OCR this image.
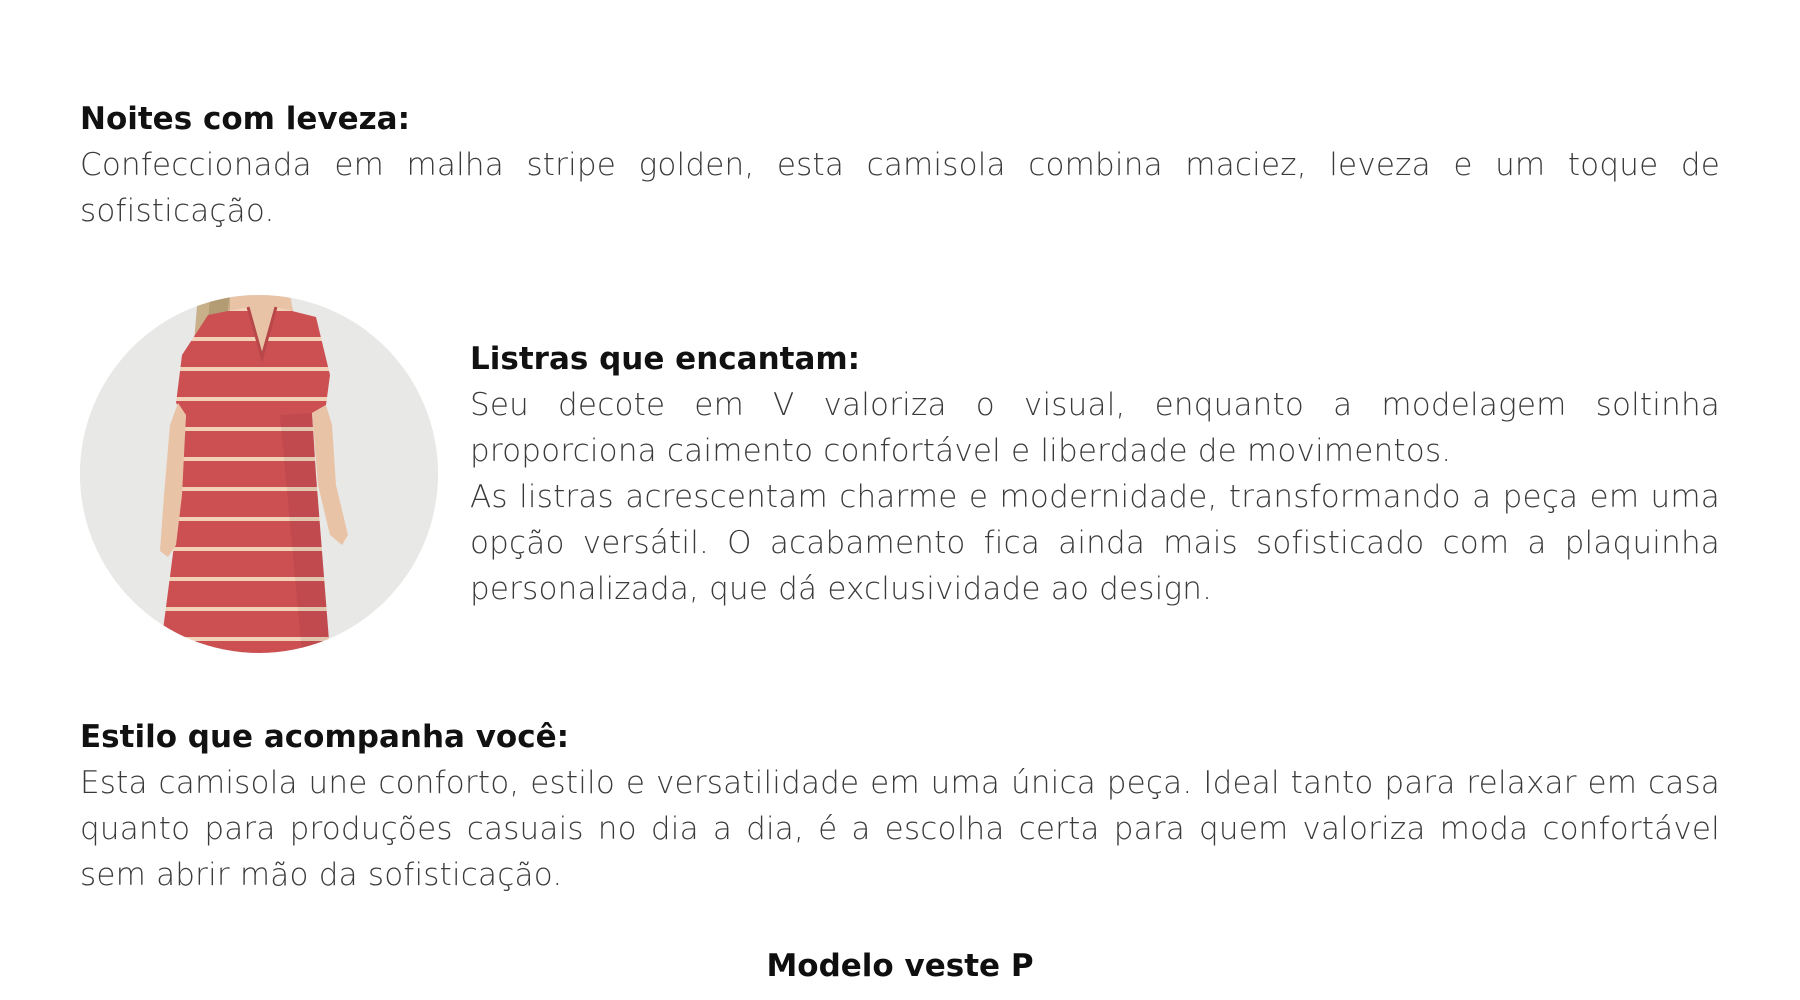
Noites com leveza:

Confeccionada em malha stripe golden, esta camisola combina maciez, leveza e um toque de sofisticação.

Listras que encantam:

Seu decote em V valoriza o visual, enquanto a modelagem soltinha proporciona caimento confortável e liberdade de movimentos.

As listras acrescentam charme e modernidade, transformando a peça em uma opção versátil. O acabamento fica ainda mais sofisticado com a plaquinha personalizada, que dá exclusividade ao design.

Estilo que acompanha você:

Esta camisola une conforto, estilo e versatilidade em uma única peça. Ideal tanto para relaxar em casa quanto para produções casuais no dia a dia, é a escolha certa para quem valoriza moda confortável sem abrir mão da sofisticação.

Modelo veste P
